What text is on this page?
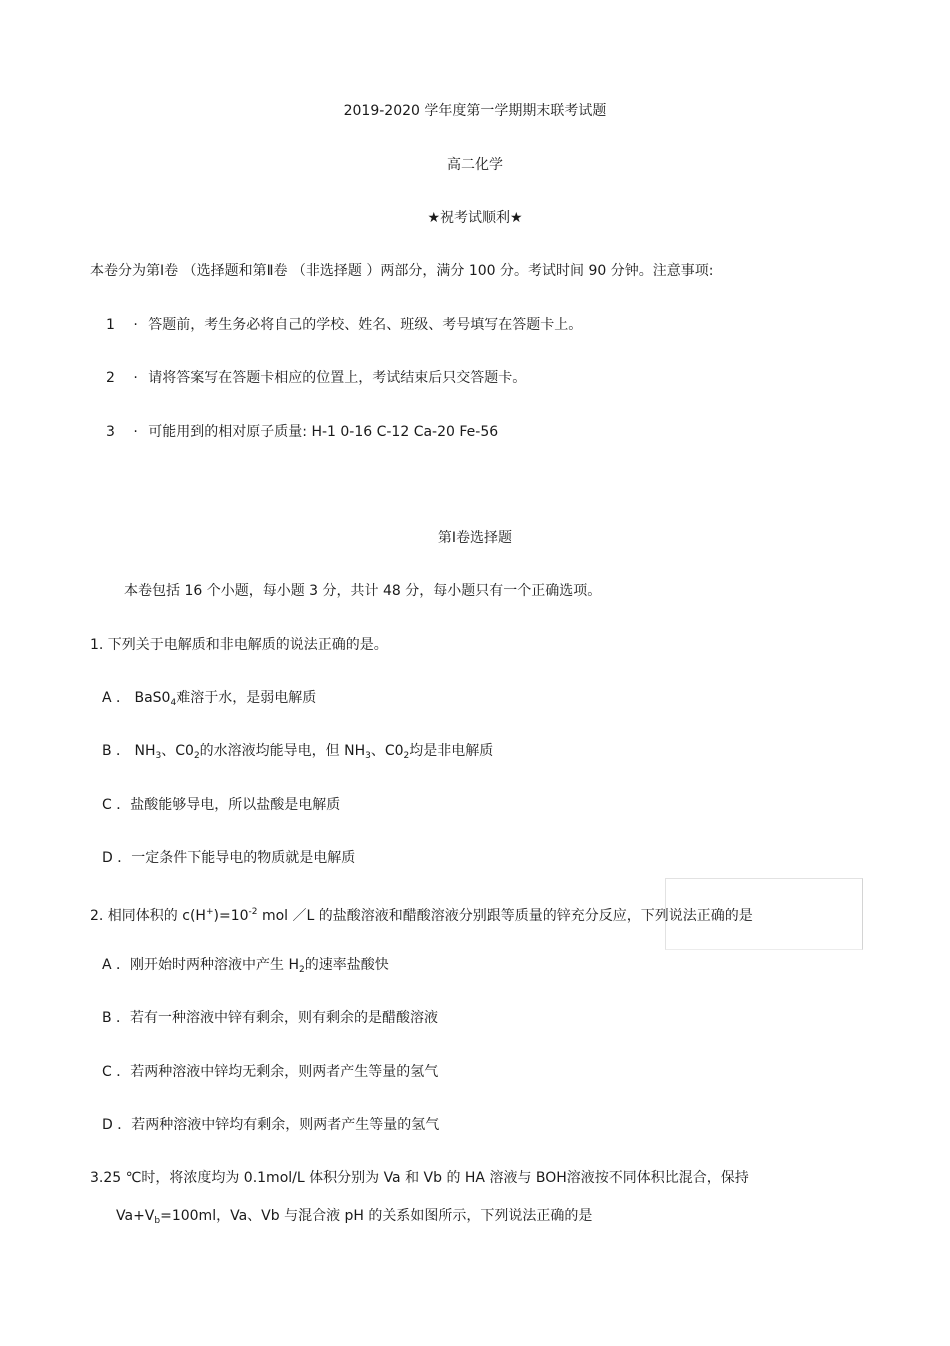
2019-2020 学年度第一学期期末联考试题
高二化学
★祝考试顺利★
本卷分为第Ⅰ卷 （选择题和第Ⅱ卷 （非选择题 ）两部分，满分 100 分。考试时间 90 分钟。注意事项:
1 · 答题前，考生务必将自己的学校、姓名、班级、考号填写在答题卡上。
2 · 请将答案写在答题卡相应的位置上，考试结束后只交答题卡。
3 · 可能用到的相对原子质量: H-1 0-16 C-12 Ca-20 Fe-56
第Ⅰ卷选择题
本卷包括 16 个小题，每小题 3 分，共计 48 分，每小题只有一个正确选项。
1. 下列关于电解质和非电解质的说法正确的是。
A ． $BaS0_4$难溶于水，是弱电解质
B ． $NH_3$、$C0_2$的水溶液均能导电，但 $NH_3$、$C0_2$均是非电解质
C ．盐酸能够导电，所以盐酸是电解质
D ．一定条件下能导电的物质就是电解质
2. 相同体积的 $c(H^+)=10^{-2}$ mol ／L 的盐酸溶液和醋酸溶液分别跟等质量的锌充分反应，下列说法正确的是
A ．刚开始时两种溶液中产生 $H_2$的速率盐酸快
B ．若有一种溶液中锌有剩余，则有剩余的是醋酸溶液
C ．若两种溶液中锌均无剩余，则两者产生等量的氢气
D ．若两种溶液中锌均有剩余，则两者产生等量的氢气
3.25 ℃时，将浓度均为 0.1mol/L 体积分别为 Va 和 Vb 的 HA 溶液与 BOH溶液按不同体积比混合，保持
$Va+V_b=100ml$，Va、Vb 与混合液 pH 的关系如图所示，下列说法正确的是
